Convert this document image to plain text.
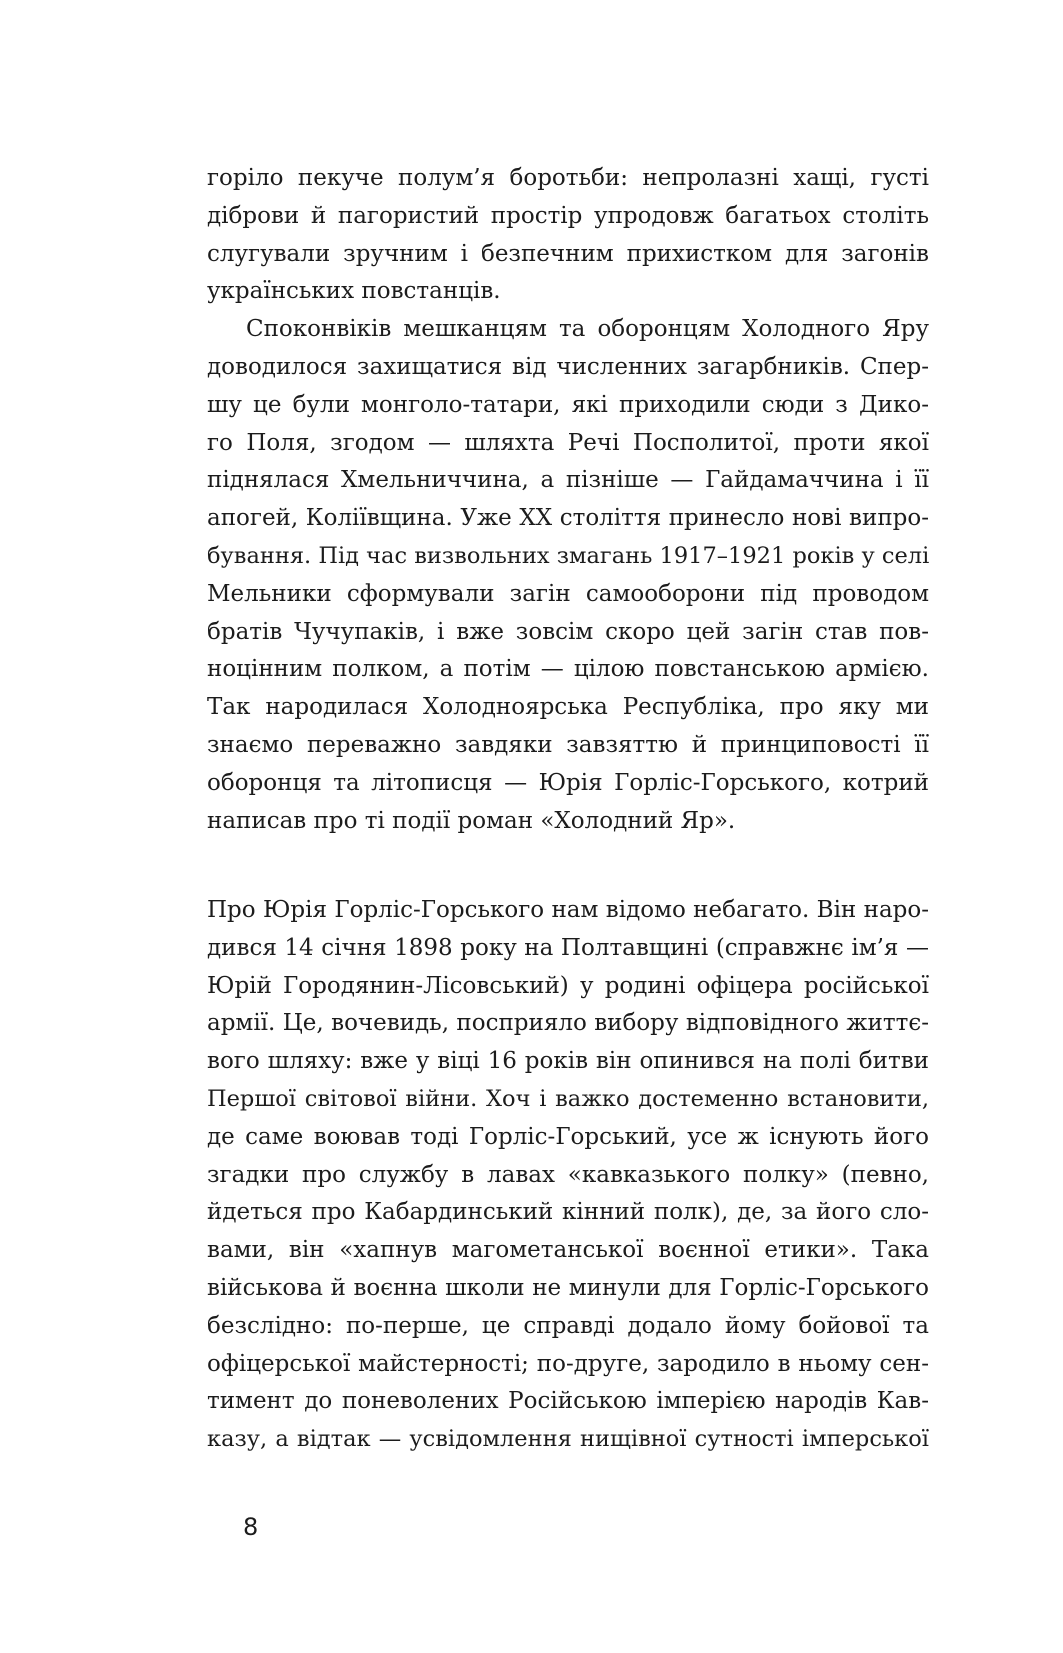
горіло пекуче полум’я боротьби: непролазні хащі, густі
діброви й пагористий простір упродовж багатьох століть
слугували зручним і безпечним прихистком для загонів
українських повстанців.
Споконвіків мешканцям та оборонцям Холодного Яру
доводилося захищатися від численних загарбників. Спер-
шу це були монголо-татари, які приходили сюди з Дико-
го Поля, згодом — шляхта Речі Посполитої, проти якої
піднялася Хмельниччина, а пізніше — Гайдамаччина і її
апогей, Коліївщина. Уже XX століття принесло нові випро-
бування. Під час визвольних змагань 1917–1921 років у селі
Мельники сформували загін самооборони під проводом
братів Чучупаків, і вже зовсім скоро цей загін став пов-
ноцінним полком, а потім — цілою повстанською армією.
Так народилася Холодноярська Республіка, про яку ми
знаємо переважно завдяки завзяттю й принциповості її
оборонця та літописця — Юрія Горліс-Горського, котрий
написав про ті події роман «Холодний Яр».
Про Юрія Горліс-Горського нам відомо небагато. Він наро-
дився 14 січня 1898 року на Полтавщині (справжнє ім’я —
Юрій Городянин-Лісовський) у родині офіцера російської
армії. Це, вочевидь, посприяло вибору відповідного життє-
вого шляху: вже у віці 16 років він опинився на полі битви
Першої світової війни. Хоч і важко достеменно встановити,
де саме воював тоді Горліс-Горський, усе ж існують його
згадки про службу в лавах «кавказького полку» (певно,
йдеться про Кабардинський кінний полк), де, за його сло-
вами, він «хапнув магометанської воєнної етики». Така
військова й воєнна школи не минули для Горліс-Горського
безслідно: по-перше, це справді додало йому бойової та
офіцерської майстерності; по-друге, зародило в ньому сен-
тимент до поневолених Російською імперією народів Кав-
казу, а відтак — усвідомлення нищівної сутності імперської
8
